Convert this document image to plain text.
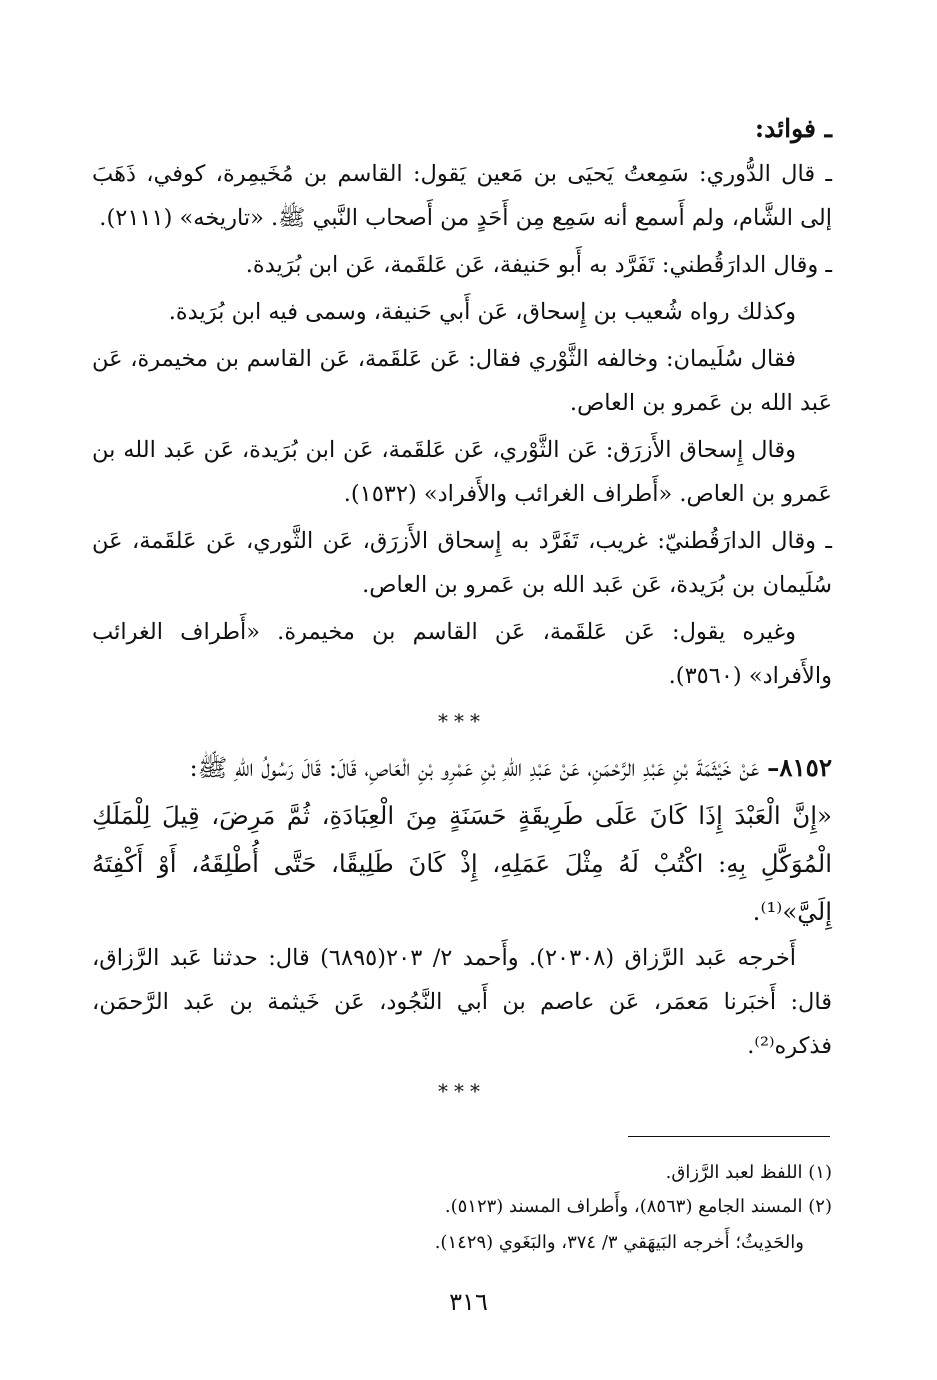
ـ فوائد:

ـ قال الدُّوري: سَمِعتُ يَحيَى بن مَعين يَقول: القاسم بن مُخَيمِرة، كوفي، ذَهَبَ إلى الشَّام، ولم أَسمع أنه سَمِع مِن أَحَدٍ من أَصحاب النَّبي ﷺ. «تاريخه» (٢١١١).

ـ وقال الدارَقُطني: تَفَرَّد به أَبو حَنيفة، عَن عَلقَمة، عَن ابن بُرَيدة.

وكذلك رواه شُعيب بن إِسحاق، عَن أَبي حَنيفة، وسمى فيه ابن بُرَيدة.

فقال سُلَيمان: وخالفه الثَّوْري فقال: عَن عَلقَمة، عَن القاسم بن مخيمرة، عَن عَبد الله بن عَمرو بن العاص.

وقال إِسحاق الأَزرَق: عَن الثَّوْري، عَن عَلقَمة، عَن ابن بُرَيدة، عَن عَبد الله بن عَمرو بن العاص. «أَطراف الغرائب والأَفراد» (١٥٣٢).

ـ وقال الدارَقُطنيّ: غريب، تَفَرَّد به إِسحاق الأَزرَق، عَن الثَّوري، عَن عَلقَمة، عَن سُلَيمان بن بُرَيدة، عَن عَبد الله بن عَمرو بن العاص.

وغيره يقول: عَن عَلقَمة، عَن القاسم بن مخيمرة. «أَطراف الغرائب والأَفراد» (٣٥٦٠).

***

٨١٥٢– عَنْ خَيْثَمَةَ بْنِ عَبْدِ الرَّحْمَنِ، عَنْ عَبْدِ اللهِ بْنِ عَمْرِو بْنِ الْعَاصِ، قَالَ: قَالَ رَسُولُ اللهِ ﷺ:

«إِنَّ الْعَبْدَ إِذَا كَانَ عَلَى طَرِيقَةٍ حَسَنَةٍ مِنَ الْعِبَادَةِ، ثُمَّ مَرِضَ، قِيلَ لِلْمَلَكِ الْمُوَكَّلِ بِهِ: اكْتُبْ لَهُ مِثْلَ عَمَلِهِ، إِذْ كَانَ طَلِيقًا، حَتَّى أُطْلِقَهُ، أَوْ أَكْفِتَهُ إِلَيَّ»⁽¹⁾.

أَخرجه عَبد الرَّزاق (٢٠٣٠٨). وأَحمد ٢/ ٢٠٣(٦٨٩٥) قال: حدثنا عَبد الرَّزاق، قال: أَخبَرنا مَعمَر، عَن عاصم بن أَبي النَّجُود، عَن خَيثمة بن عَبد الرَّحمَن، فذكره⁽²⁾.

***
(١) اللفظ لعبد الرَّزاق.
(٢) المسند الجامع (٨٥٦٣)، وأَطراف المسند (٥١٢٣).
والحَدِيثُ؛ أَخرجه البَيهَقي ٣/ ٣٧٤، والبَغَوي (١٤٢٩).
٣١٦
